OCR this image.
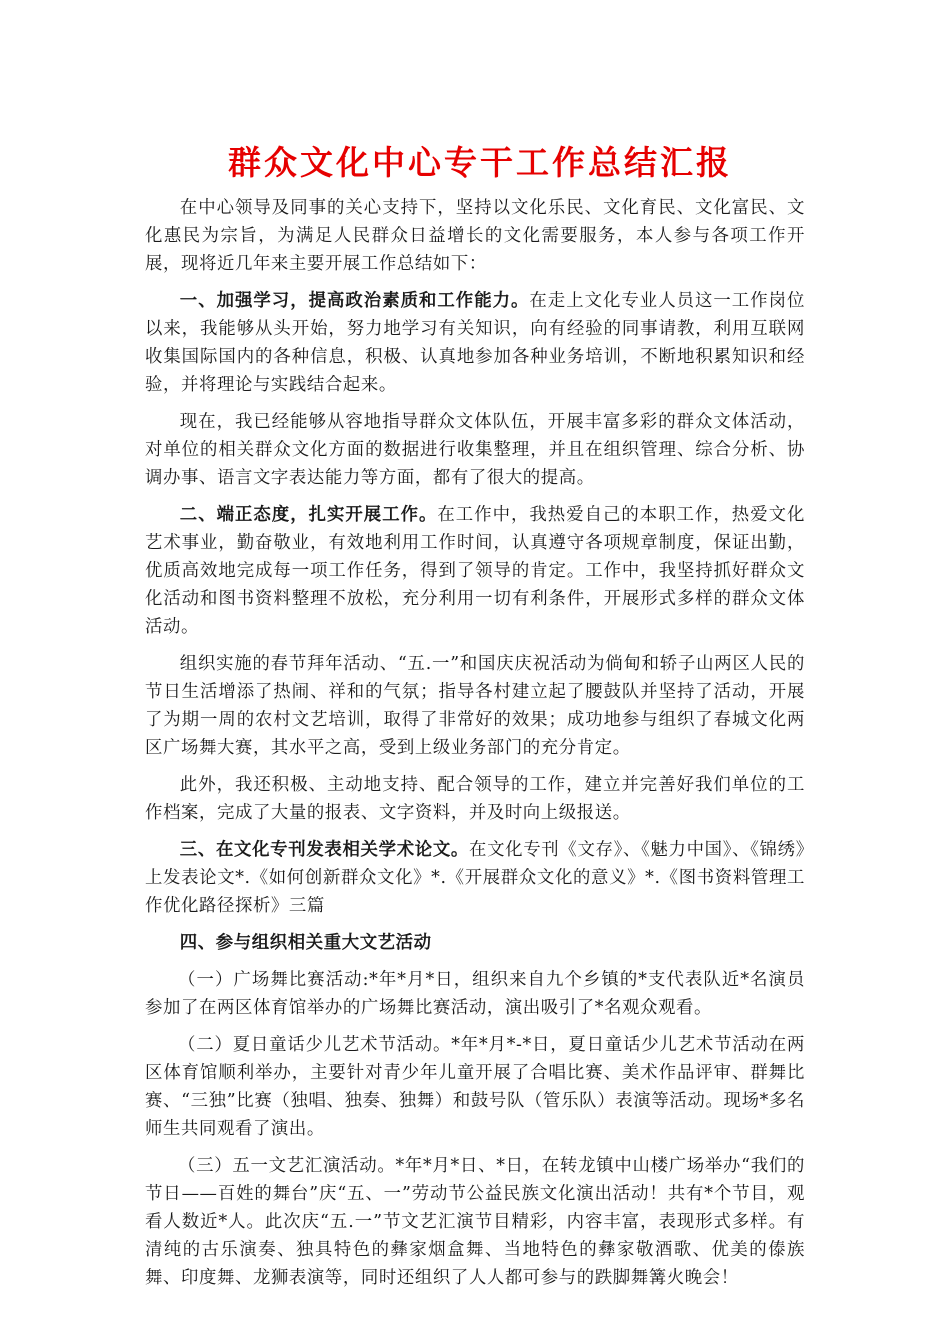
群众文化中心专干工作总结汇报

在中心领导及同事的关心支持下，坚持以文化乐民、文化育民、文化富民、文化惠民为宗旨，为满足人民群众日益增长的文化需要服务，本人参与各项工作开展，现将近几年来主要开展工作总结如下：

一、加强学习，提高政治素质和工作能力。在走上文化专业人员这一工作岗位以来，我能够从头开始，努力地学习有关知识，向有经验的同事请教，利用互联网收集国际国内的各种信息，积极、认真地参加各种业务培训，不断地积累知识和经验，并将理论与实践结合起来。

现在，我已经能够从容地指导群众文体队伍，开展丰富多彩的群众文体活动，对单位的相关群众文化方面的数据进行收集整理，并且在组织管理、综合分析、协调办事、语言文字表达能力等方面，都有了很大的提高。

二、端正态度，扎实开展工作。在工作中，我热爱自己的本职工作，热爱文化艺术事业，勤奋敬业，有效地利用工作时间，认真遵守各项规章制度，保证出勤，优质高效地完成每一项工作任务，得到了领导的肯定。工作中，我坚持抓好群众文化活动和图书资料整理不放松，充分利用一切有利条件，开展形式多样的群众文体活动。

组织实施的春节拜年活动、“五.一”和国庆庆祝活动为倘甸和轿子山两区人民的节日生活增添了热闹、祥和的气氛；指导各村建立起了腰鼓队并坚持了活动，开展了为期一周的农村文艺培训，取得了非常好的效果；成功地参与组织了春城文化两区广场舞大赛，其水平之高，受到上级业务部门的充分肯定。

此外，我还积极、主动地支持、配合领导的工作，建立并完善好我们单位的工作档案，完成了大量的报表、文字资料，并及时向上级报送。

三、在文化专刊发表相关学术论文。在文化专刊《文存》、《魅力中国》、《锦绣》上发表论文*.《如何创新群众文化》*.《开展群众文化的意义》*.《图书资料管理工作优化路径探析》三篇

四、参与组织相关重大文艺活动

（一）广场舞比赛活动:*年*月*日，组织来自九个乡镇的*支代表队近*名演员参加了在两区体育馆举办的广场舞比赛活动，演出吸引了*名观众观看。

（二）夏日童话少儿艺术节活动。*年*月*-*日，夏日童话少儿艺术节活动在两区体育馆顺利举办，主要针对青少年儿童开展了合唱比赛、美术作品评审、群舞比赛、“三独”比赛（独唱、独奏、独舞）和鼓号队（管乐队）表演等活动。现场*多名师生共同观看了演出。

（三）五一文艺汇演活动。*年*月*日、*日，在转龙镇中山楼广场举办“我们的节日——百姓的舞台”庆“五、一”劳动节公益民族文化演出活动！共有*个节目，观看人数近*人。此次庆“五.一”节文艺汇演节目精彩，内容丰富，表现形式多样。有清纯的古乐演奏、独具特色的彝家烟盒舞、当地特色的彝家敬酒歌、优美的傣族舞、印度舞、龙狮表演等，同时还组织了人人都可参与的跌脚舞篝火晚会！
